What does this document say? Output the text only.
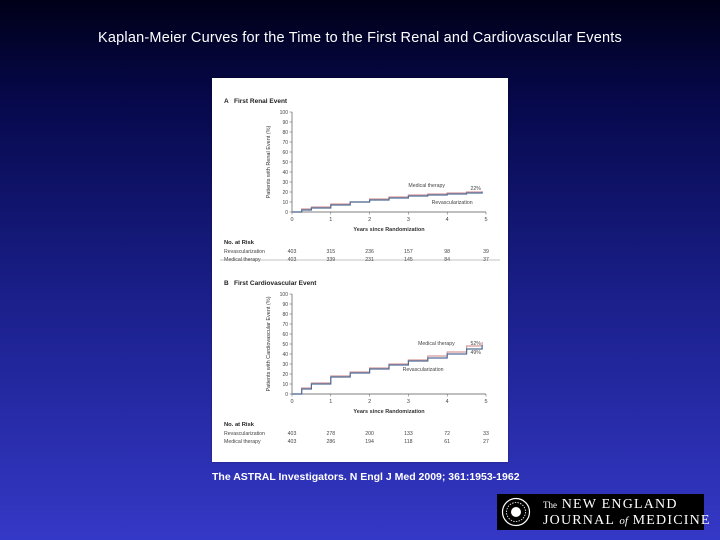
Kaplan-Meier Curves for the Time to the First Renal and Cardiovascular Events
A First Renal Event
Patients with Renal Event (%)
0
10
20
30
40
50
60
70
80
90
100
0	1	2	3	4	5
Years since Randomization
Medical therapy
Revascularization
22%
No. at Risk
Revascularization	403	315	236	157	98	39
Medical therapy	403	339	231	145	84	37
B First Cardiovascular Event
Patients with Cardiovascular Event (%)
0
10
20
30
40
50
60
70
80
90
100
0	1	2	3	4	5
Years since Randomization
Medical therapy
Revascularization
52%
49%
No. at Risk
Revascularization	403	278	200	133	72	33
Medical therapy	403	286	194	118	61	27
The ASTRAL Investigators. N Engl J Med 2009; 361:1953-1962
The NEW ENGLAND
JOURNAL of MEDICINE
